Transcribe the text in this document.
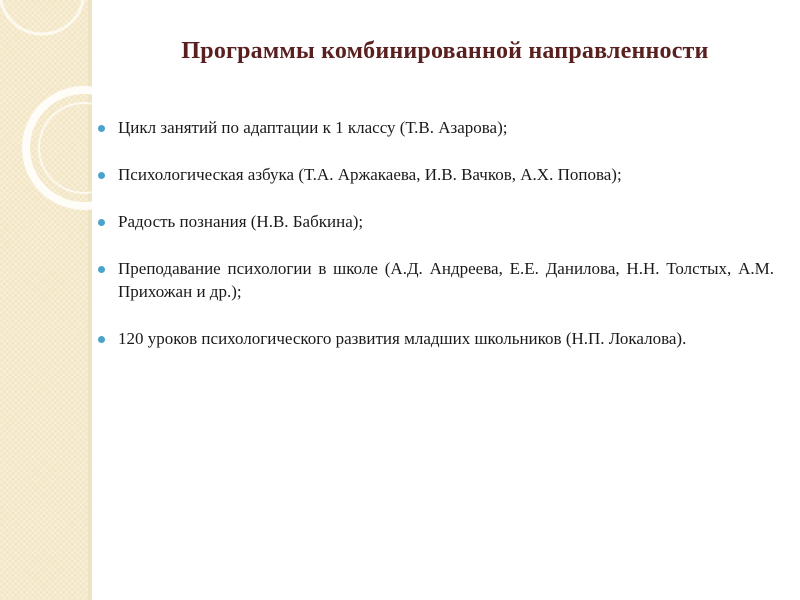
Программы комбинированной направленности
Цикл занятий по адаптации к 1 классу (Т.В. Азарова);
Психологическая азбука (Т.А. Аржакаева, И.В. Вачков, А.Х. Попова);
Радость познания (Н.В. Бабкина);
Преподавание психологии в школе (А.Д. Андреева, Е.Е. Данилова, Н.Н. Толстых, А.М. Прихожан и др.);
120 уроков психологического развития младших школьников (Н.П. Локалова).
